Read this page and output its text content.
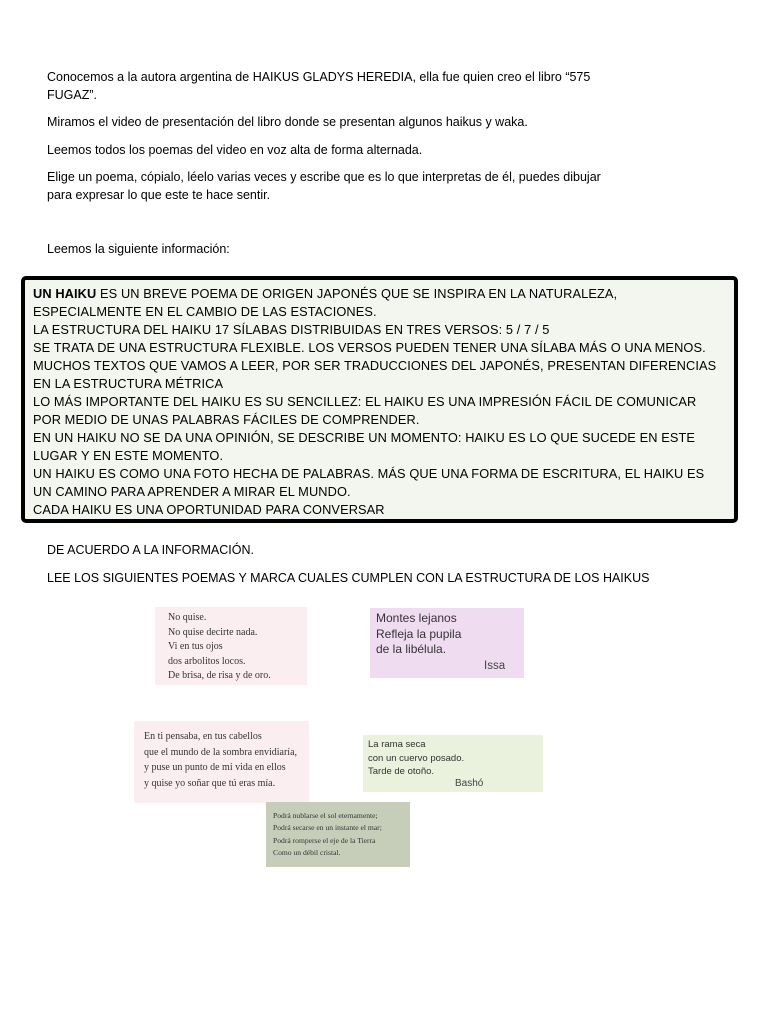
Conocemos a la autora argentina de HAIKUS GLADYS HEREDIA, ella fue quien creo el libro “575 FUGAZ”.

Miramos el video de presentación del libro donde se presentan algunos haikus y waka.

Leemos todos los poemas del video en voz alta de forma alternada.

Elige un poema, cópialo, léelo varias veces y escribe que es lo que interpretas de él, puedes dibujar para expresar lo que este te hace sentir.

Leemos la siguiente información:

UN HAIKU ES UN BREVE POEMA DE ORIGEN JAPONÉS QUE SE INSPIRA EN LA NATURALEZA, ESPECIALMENTE EN EL CAMBIO DE LAS ESTACIONES.
LA ESTRUCTURA DEL HAIKU 17 SÍLABAS DISTRIBUIDAS EN TRES VERSOS: 5 / 7 / 5
SE TRATA DE UNA ESTRUCTURA FLEXIBLE. LOS VERSOS PUEDEN TENER UNA SÍLABA MÁS O UNA MENOS.
MUCHOS TEXTOS QUE VAMOS A LEER, POR SER TRADUCCIONES DEL JAPONÉS, PRESENTAN DIFERENCIAS EN LA ESTRUCTURA MÉTRICA
LO MÁS IMPORTANTE DEL HAIKU ES SU SENCILLEZ: EL HAIKU ES UNA IMPRESIÓN FÁCIL DE COMUNICAR POR MEDIO DE UNAS PALABRAS FÁCILES DE COMPRENDER.
EN UN HAIKU NO SE DA UNA OPINIÓN, SE DESCRIBE UN MOMENTO: HAIKU ES LO QUE SUCEDE EN ESTE LUGAR Y EN ESTE MOMENTO.
UN HAIKU ES COMO UNA FOTO HECHA DE PALABRAS. MÁS QUE UNA FORMA DE ESCRITURA, EL HAIKU ES UN CAMINO PARA APRENDER A MIRAR EL MUNDO.
CADA HAIKU ES UNA OPORTUNIDAD PARA CONVERSAR

DE ACUERDO A LA INFORMACIÓN.

LEE LOS SIGUIENTES POEMAS Y MARCA CUALES CUMPLEN CON LA ESTRUCTURA DE LOS HAIKUS

No quise.
No quise decirte nada.
Vi en tus ojos
dos arbolitos locos.
De brisa, de risa y de oro.
Montes lejanos
Refleja la pupila
de la libélula.
Issa
En ti pensaba, en tus cabellos
que el mundo de la sombra envidiaría,
y puse un punto de mi vida en ellos
y quise yo soñar que tú eras mía.
La rama seca
con un cuervo posado.
Tarde de otoño.
Bashó
Podrá nublarse el sol eternamente;
Podrá secarse en un instante el mar;
Podrá romperse el eje de la Tierra
Como un débil cristal.
